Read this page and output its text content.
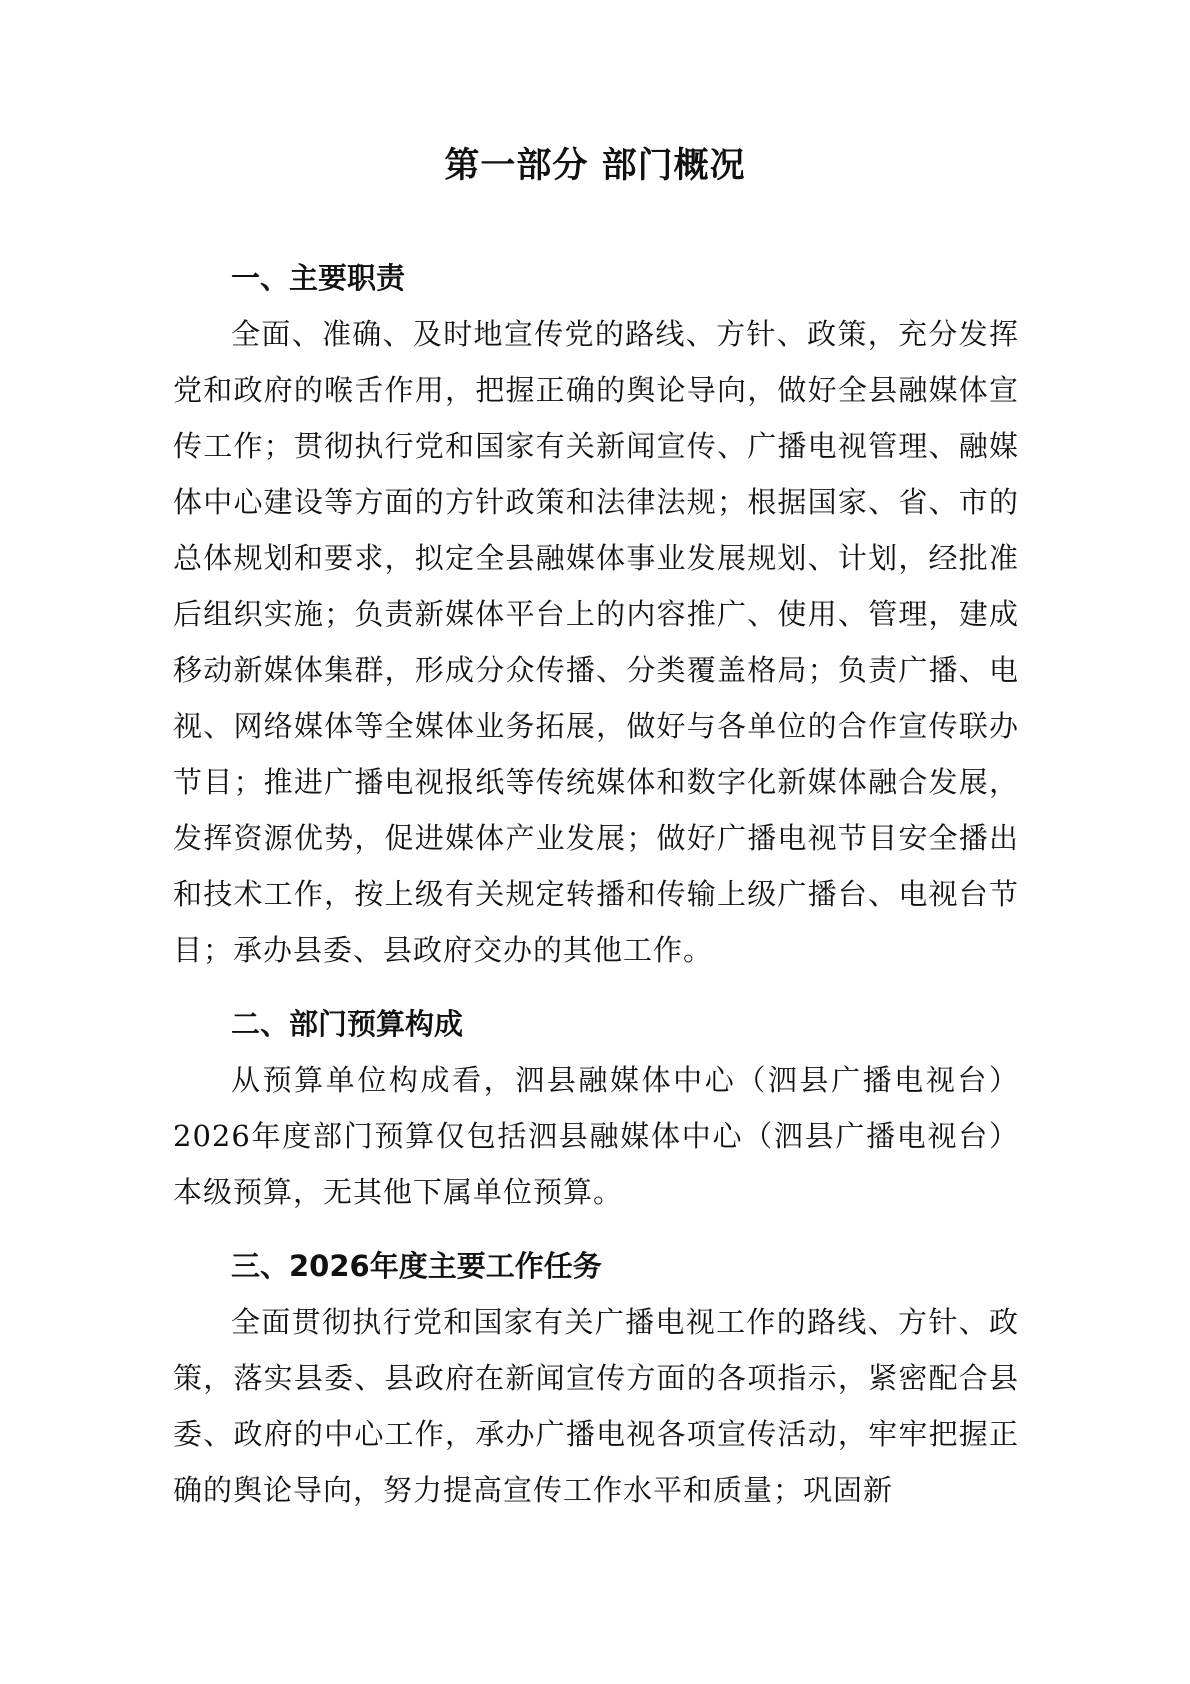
第一部分 部门概况
一、主要职责

全面、准确、及时地宣传党的路线、方针、政策，充分发挥党和政府的喉舌作用，把握正确的舆论导向，做好全县融媒体宣传工作；贯彻执行党和国家有关新闻宣传、广播电视管理、融媒体中心建设等方面的方针政策和法律法规；根据国家、省、市的总体规划和要求，拟定全县融媒体事业发展规划、计划，经批准后组织实施；负责新媒体平台上的内容推广、使用、管理，建成移动新媒体集群，形成分众传播、分类覆盖格局；负责广播、电视、网络媒体等全媒体业务拓展，做好与各单位的合作宣传联办节目；推进广播电视报纸等传统媒体和数字化新媒体融合发展，发挥资源优势，促进媒体产业发展；做好广播电视节目安全播出和技术工作，按上级有关规定转播和传输上级广播台、电视台节目；承办县委、县政府交办的其他工作。

二、部门预算构成

从预算单位构成看，泗县融媒体中心（泗县广播电视台）2026年度部门预算仅包括泗县融媒体中心（泗县广播电视台）本级预算，无其他下属单位预算。

三、2026年度主要工作任务

全面贯彻执行党和国家有关广播电视工作的路线、方针、政策，落实县委、县政府在新闻宣传方面的各项指示，紧密配合县委、政府的中心工作，承办广播电视各项宣传活动，牢牢把握正确的舆论导向，努力提高宣传工作水平和质量；巩固新
